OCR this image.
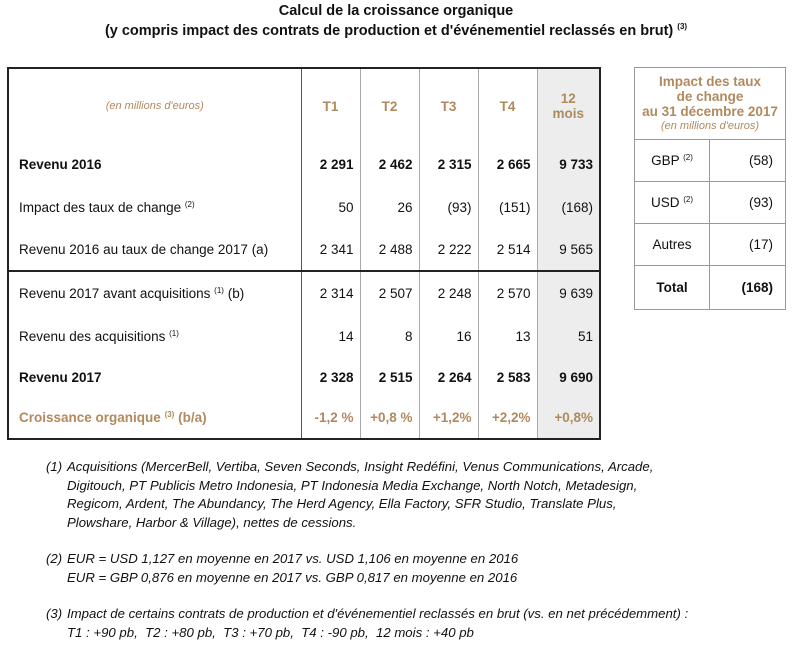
Calcul de la croissance organique
(y compris impact des contrats de production et d'événementiel reclassés en brut) $^{(3)}$
(en millions d'euros)	T1	T2	T3	T4	12 mois
Revenu 2016	2 291	2 462	2 315	2 665	9 733
Impact des taux de change $^{(2)}$	50	26	(93)	(151)	(168)
Revenu 2016 au taux de change 2017 (a)	2 341	2 488	2 222	2 514	9 565
Revenu 2017 avant acquisitions $^{(1)}$ (b)	2 314	2 507	2 248	2 570	9 639
Revenu des acquisitions $^{(1)}$	14	8	16	13	51
Revenu 2017	2 328	2 515	2 264	2 583	9 690
Croissance organique $^{(3)}$ (b/a)	-1,2 %	+0,8 %	+1,2%	+2,2%	+0,8%
Impact des taux
de change
au 31 décembre 2017
(en millions d'euros)	

GBP $^{(2)}$	(58)
USD $^{(2)}$	(93)
Autres	(17)
Total	(168)
(1) Acquisitions (MercerBell, Vertiba, Seven Seconds, Insight Redéfini, Venus Communications, Arcade,
Digitouch, PT Publicis Metro Indonesia, PT Indonesia Media Exchange, North Notch, Metadesign,
Regicom, Ardent, The Abundancy, The Herd Agency, Ella Factory, SFR Studio, Translate Plus,
Plowshare, Harbor & Village), nettes de cessions.
(2) EUR = USD 1,127 en moyenne en 2017 vs. USD 1,106 en moyenne en 2016
EUR = GBP 0,876 en moyenne en 2017 vs. GBP 0,817 en moyenne en 2016
(3) Impact de certains contrats de production et d'événementiel reclassés en brut (vs. en net précédemment) :
T1 : +90 pb,  T2 : +80 pb,  T3 : +70 pb,  T4 : -90 pb,  12 mois : +40 pb
